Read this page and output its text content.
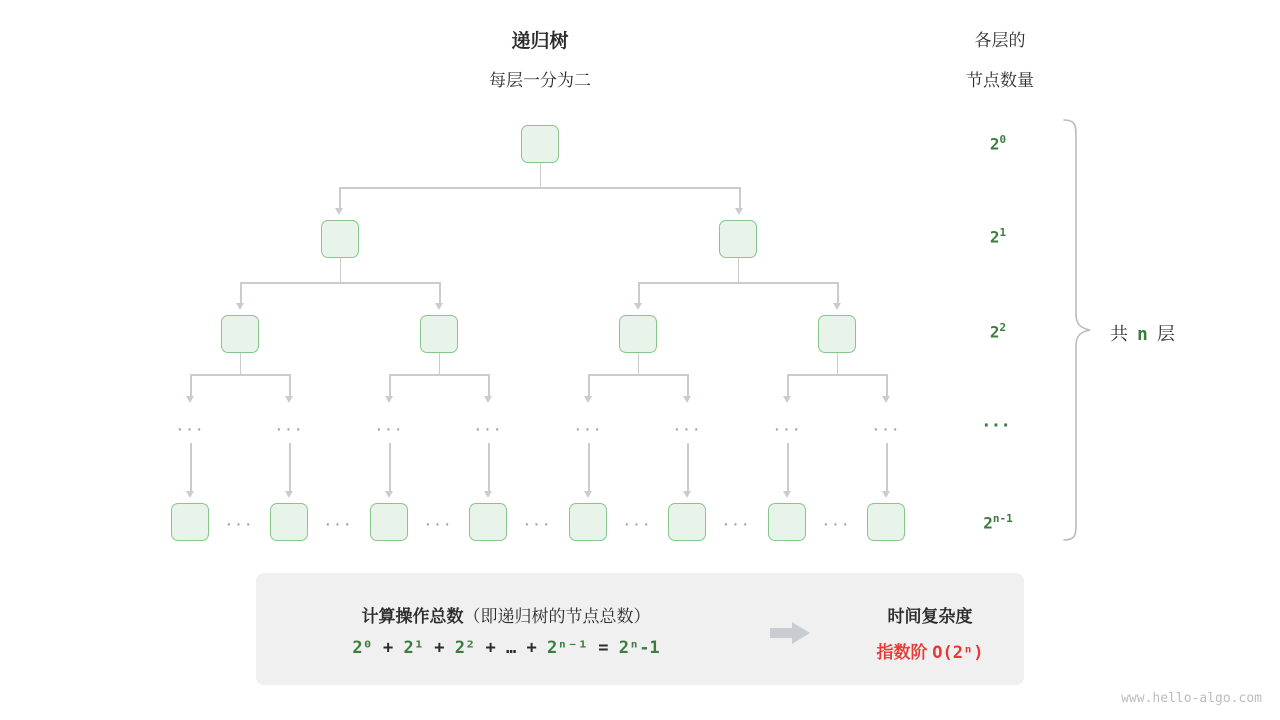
递归树
每层一分为二
各层的
节点数量
···	···	···	···	···	···	···	···
···	···	···	···	···	···	···
$2^0$
$2^1$
$2^2$
···
$2^{n-1}$
共 n 层
计算操作总数（即递归树的节点总数）
2⁰ + 2¹ + 2² + … + 2ⁿ⁻¹ = 2ⁿ-1
时间复杂度
指数阶 O(2ⁿ)
www.hello-algo.com
